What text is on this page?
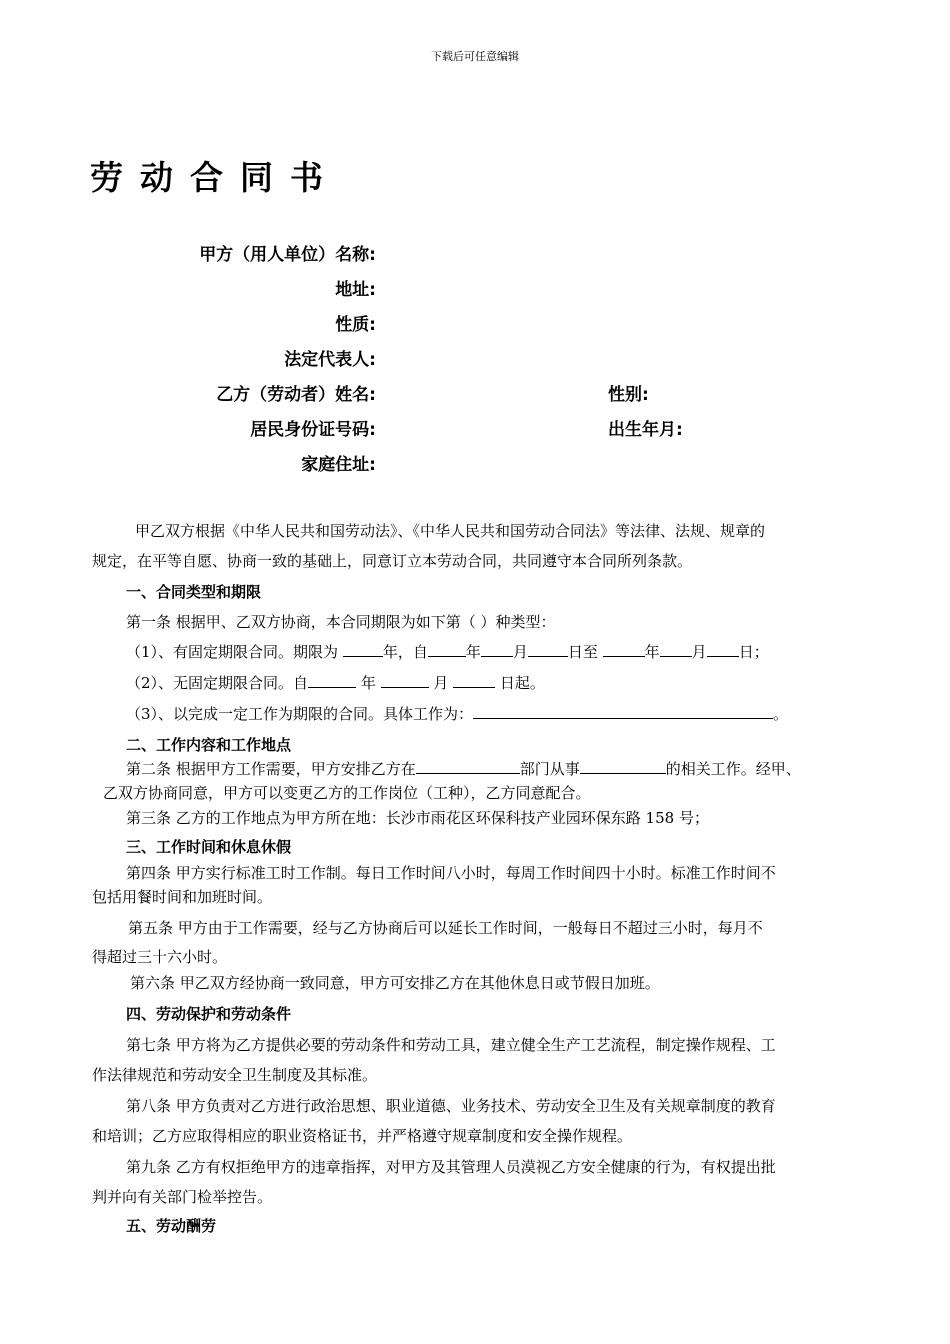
下载后可任意编辑
劳动合同书
甲方（用人单位）名称:
地址:
性质:
法定代表人:
乙方（劳动者）姓名:	性别:
居民身份证号码:	出生年月:
家庭住址:
甲乙双方根据《中华人民共和国劳动法》、《中华人民共和国劳动合同法》等法律、法规、规章的
规定，在平等自愿、协商一致的基础上，同意订立本劳动合同，共同遵守本合同所列条款。
一、合同类型和期限
第一条 根据甲、乙双方协商，本合同期限为如下第（ ）种类型：
（1）、有固定期限合同。期限为	年，自	年 月	日至	年 月 日；
（2）、无固定期限合同。自	年	月	日起。
（3）、以完成一定工作为期限的合同。具体工作为：	。
二、工作内容和工作地点
第二条 根据甲方工作需要，甲方安排乙方在	部门从事	的相关工作。经甲、
乙双方协商同意，甲方可以变更乙方的工作岗位（工种），乙方同意配合。
第三条 乙方的工作地点为甲方所在地：长沙市雨花区环保科技产业园环保东路 158 号；
三、工作时间和休息休假
第四条 甲方实行标准工时工作制。每日工作时间八小时，每周工作时间四十小时。标准工作时间不
包括用餐时间和加班时间。
第五条 甲方由于工作需要，经与乙方协商后可以延长工作时间，一般每日不超过三小时，每月不
得超过三十六小时。
第六条 甲乙双方经协商一致同意，甲方可安排乙方在其他休息日或节假日加班。
四、劳动保护和劳动条件
第七条 甲方将为乙方提供必要的劳动条件和劳动工具，建立健全生产工艺流程，制定操作规程、工
作法律规范和劳动安全卫生制度及其标准。
第八条 甲方负责对乙方进行政治思想、职业道德、业务技术、劳动安全卫生及有关规章制度的教育
和培训；乙方应取得相应的职业资格证书，并严格遵守规章制度和安全操作规程。
第九条 乙方有权拒绝甲方的违章指挥，对甲方及其管理人员漠视乙方安全健康的行为，有权提出批
判并向有关部门检举控告。
五、劳动酬劳
